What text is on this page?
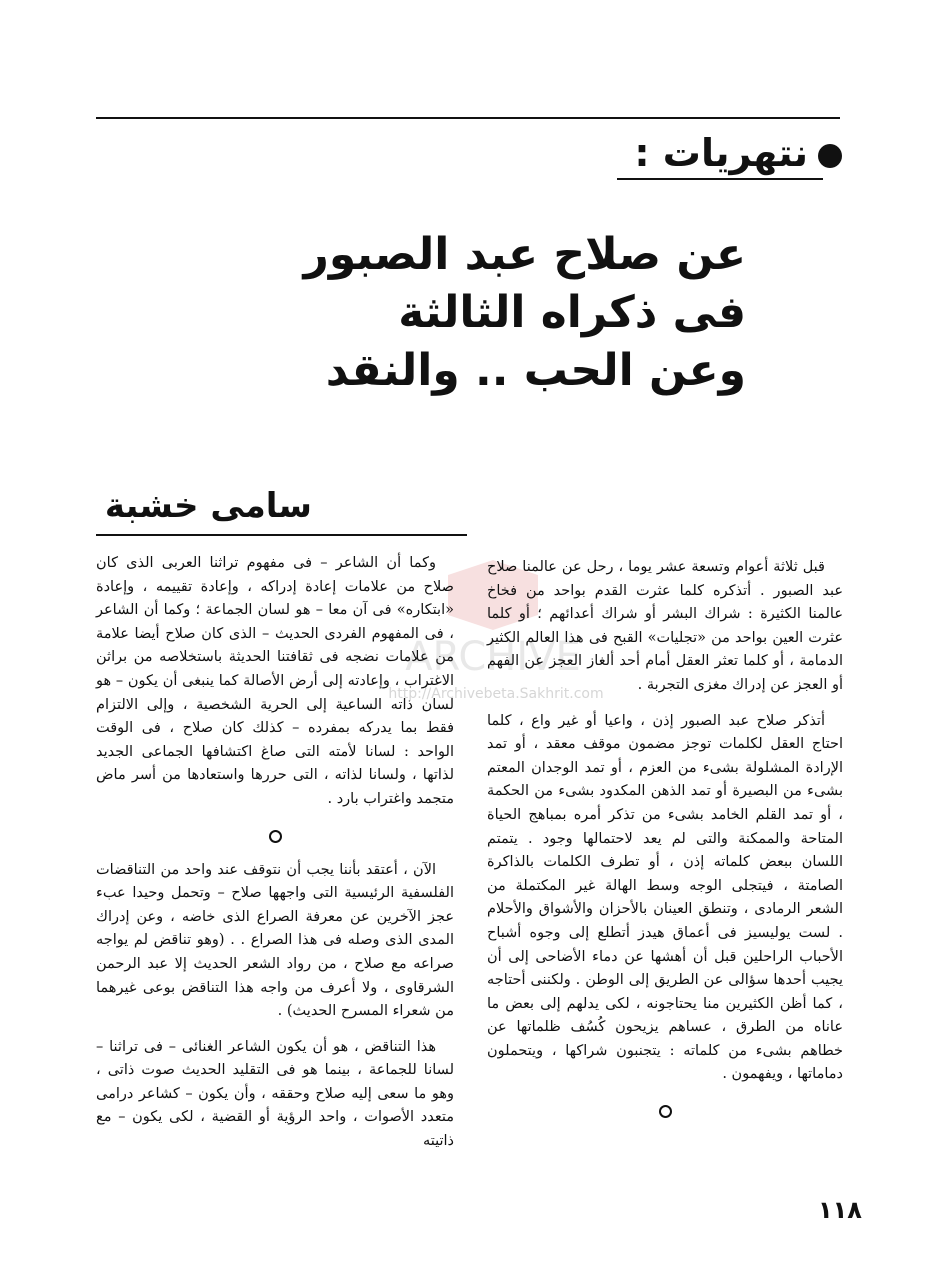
نتهريات :
عن صلاح عبد الصبور
فى ذكراه الثالثة
وعن الحب .. والنقد
سامى خشبة
ARCHIVE
http://Archivebeta.Sakhrit.com

قبل ثلاثة أعوام وتسعة عشر يوما ، رحل عن عالمنا صلاح عبد الصبور . أتذكره كلما عثرت القدم بواحد من فخاخ عالمنا الكثيرة : شراك البشر أو شراك أعدائهم ؛ أو كلما عثرت العين بواحد من «تجليات» القبح فى هذا العالم الكثير الدمامة ، أو كلما تعثر العقل أمام أحد ألغاز العجز عن الفهم أو العجز عن إدراك مغزى التجربة .

أتذكر صلاح عبد الصبور إذن ، واعيا أو غير واع ، كلما احتاج العقل لكلمات توجز مضمون موقف معقد ، أو تمد الإرادة المشلولة بشىء من العزم ، أو تمد الوجدان المعتم بشىء من البصيرة أو تمد الذهن المكدود بشىء من الحكمة ، أو تمد القلم الخامد بشىء من تذكر أمره بمباهج الحياة المتاحة والممكنة والتى لم يعد لاحتمالها وجود . يتمتم اللسان ببعض كلماته إذن ، أو تطرف الكلمات بالذاكرة الصامتة ، فيتجلى الوجه وسط الهالة غير المكتملة من الشعر الرمادى ، وتنطق العينان بالأحزان والأشواق والأحلام . لست يوليسيز فى أعماق هيدز أتطلع إلى وجوه أشباح الأحباب الراحلين قبل أن أهشها عن دماء الأضاحى إلى أن يجيب أحدها سؤالى عن الطريق إلى الوطن . ولكننى أحتاجه ، كما أظن الكثيرين منا يحتاجونه ، لكى يدلهم إلى بعض ما عاناه من الطرق ، عساهم يزيحون كُسُف ظلماتها عن خطاهم بشىء من كلماته : يتجنبون شراكها ، ويتحملون دماماتها ، ويفهمون .

وكما أن الشاعر – فى مفهوم تراثنا العربى الذى كان صلاح من علامات إعادة إدراكه ، وإعادة تقييمه ، وإعادة «ابتكاره» فى آن معا – هو لسان الجماعة ؛ وكما أن الشاعر ، فى المفهوم الفردى الحديث – الذى كان صلاح أيضا علامة من علامات نضجه فى ثقافتنا الحديثة باستخلاصه من براثن الاغتراب ، وإعادته إلى أرض الأصالة كما ينبغى أن يكون – هو لسان ذاته الساعية إلى الحرية الشخصية ، وإلى الالتزام فقط بما يدركه بمفرده – كذلك كان صلاح ، فى الوقت الواحد : لسانا لأمته التى صاغ اكتشافها الجماعى الجديد لذاتها ، ولسانا لذاته ، التى حررها واستعادها من أسر ماض متجمد واغتراب بارد .

الآن ، أعتقد بأننا يجب أن نتوقف عند واحد من التناقضات الفلسفية الرئيسية التى واجهها صلاح – وتحمل وحيدا عبء عجز الآخرين عن معرفة الصراع الذى خاضه ، وعن إدراك المدى الذى وصله فى هذا الصراع . . (وهو تناقض لم يواجه صراعه مع صلاح ، من رواد الشعر الحديث إلا عبد الرحمن الشرقاوى ، ولا أعرف من واجه هذا التناقض بوعى غيرهما من شعراء المسرح الحديث) .

هذا التناقض ، هو أن يكون الشاعر الغنائى – فى تراثنا – لسانا للجماعة ، بينما هو فى التقليد الحديث صوت ذاتى ، وهو ما سعى إليه صلاح وحققه ، وأن يكون – كشاعر درامى متعدد الأصوات ، واحد الرؤية أو القضية ، لكى يكون – مع ذاتيته

١١٨
